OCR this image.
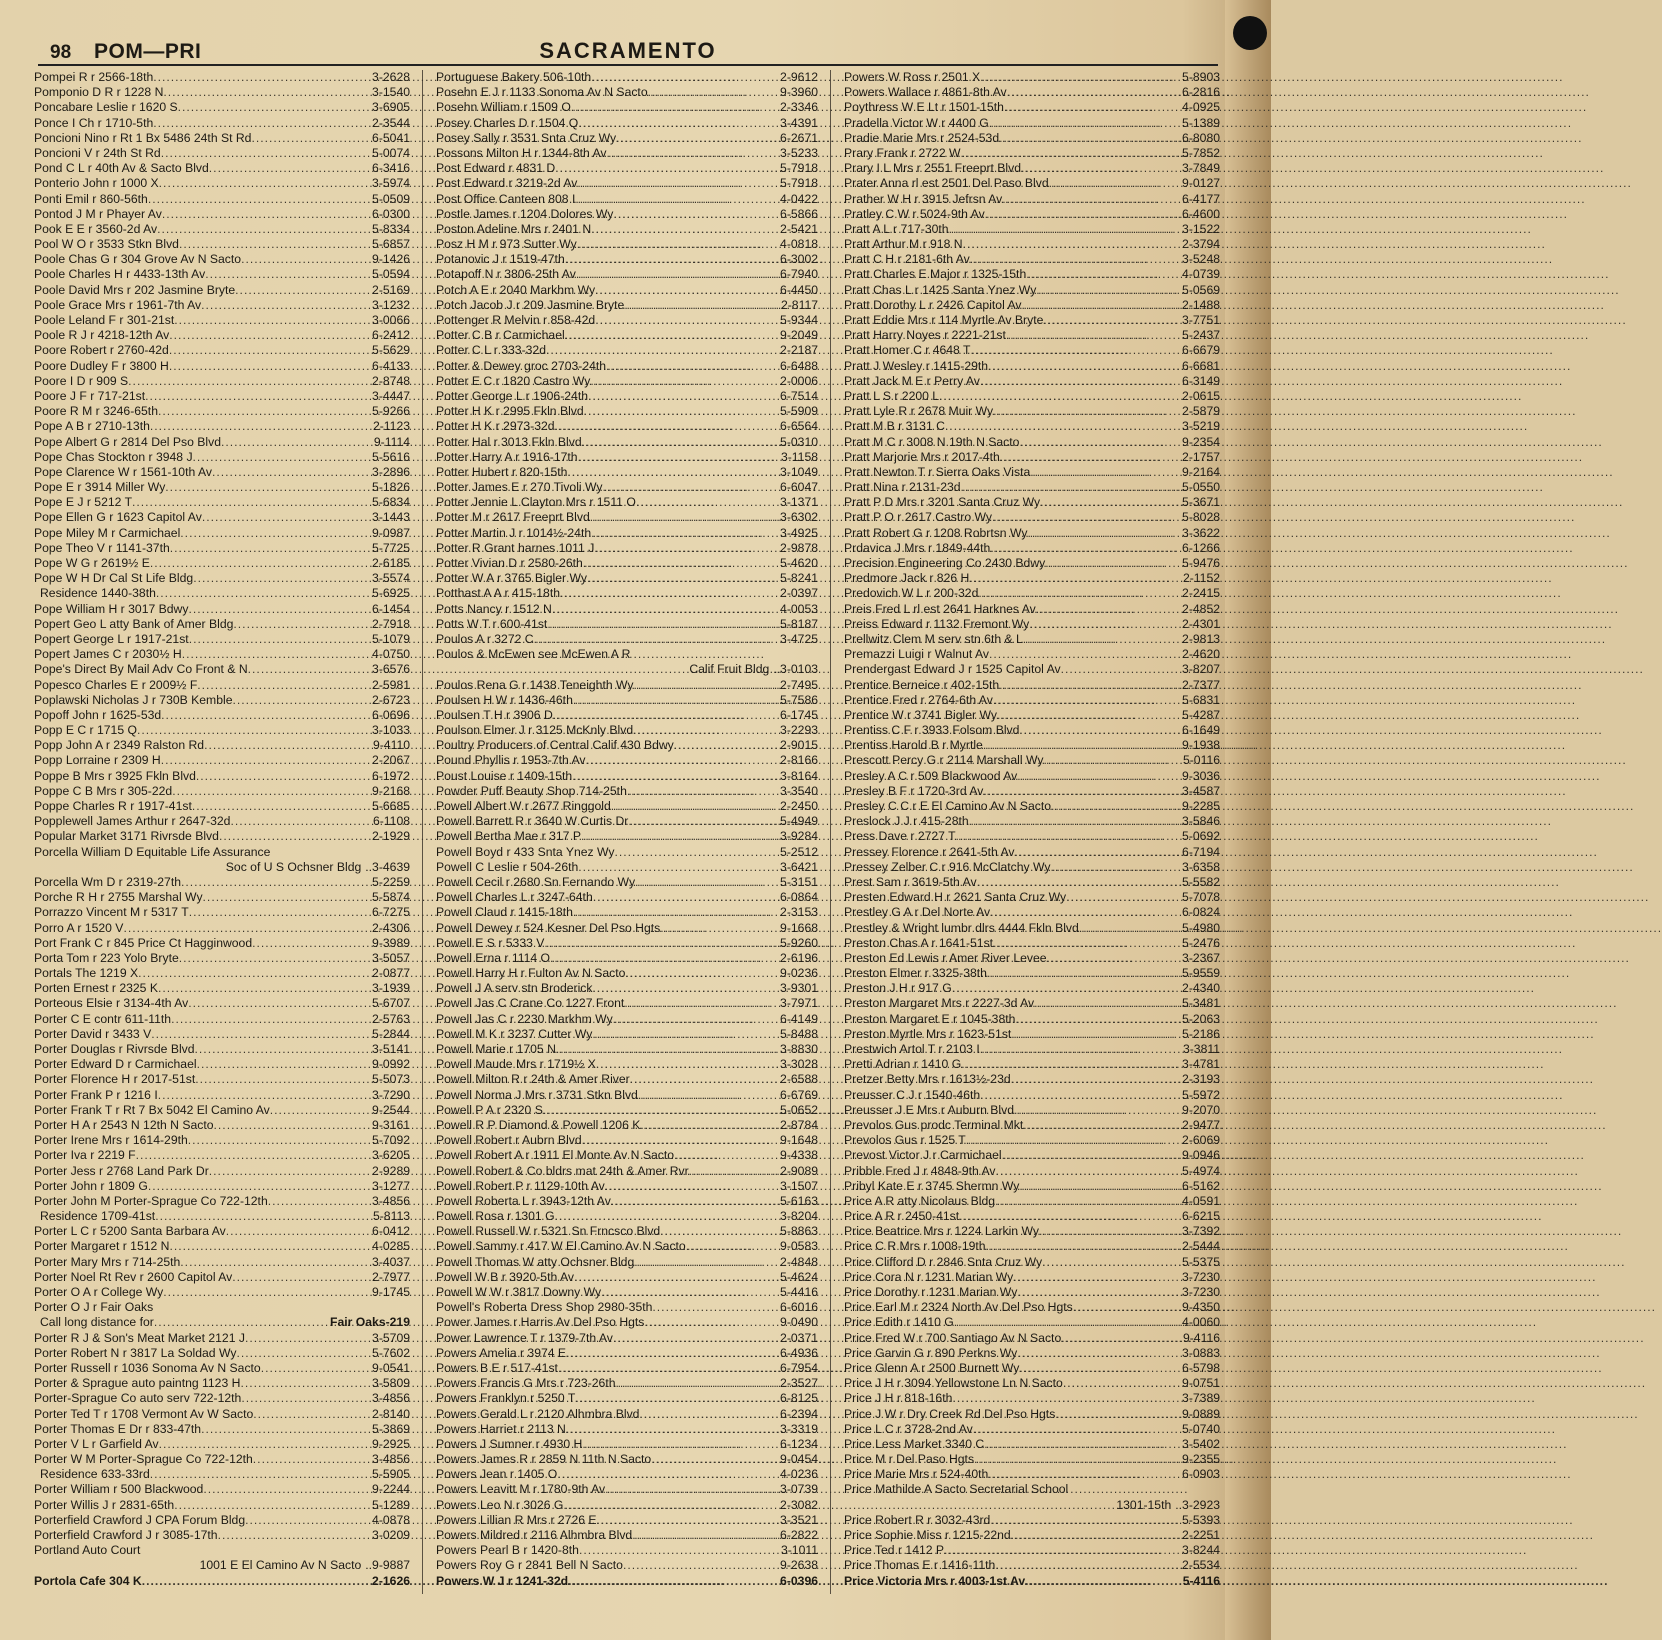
SACRAMENTO
98 POM—PRI
Pompei R r 2566-18th .....	3-2628
Pomponio D R r 1228 N .....	3-1540
Poncabare Leslie r 1620 S .....	3-6905
Ponce I Ch r 1710-5th .....	2-3544
Poncioni Nino r Rt 1 Bx 5486 24th St Rd .....	6-5041
Poncioni V r 24th St Rd .....	5-0074
Pond C L r 40th Av & Sacto Blvd .....	6-3416
Ponterio John r 1000 X .....	3-5974
Ponti Emil r 860-56th .....	5-0509
Pontod J M r Phayer Av .....	6-0300
Pook E E r 3560-2d Av .....	5-8334
Pool W O r 3533 Stkn Blvd .....	5-6857
Poole Chas G r 304 Grove Av N Sacto .....	9-1426
Poole Charles H r 4433-13th Av .....	5-0594
Poole David Mrs r 202 Jasmine Bryte .....	2-5169
Poole Grace Mrs r 1961-7th Av .....	3-1232
Poole Leland F r 301-21st .....	3-0066
Poole R J r 4218-12th Av .....	6-2412
Poore Robert r 2760-42d .....	5-5629
Poore Dudley F r 3800 H .....	6-4133
Poore I D r 909 S .....	2-8748
Poore J F r 717-21st .....	3-4447
Poore R M r 3246-65th .....	5-9266
Pope A B r 2710-13th .....	2-1123
Pope Albert G r 2814 Del Pso Blvd .....	9-1114
Pope Chas Stockton r 3948 J .....	5-5616
Pope Clarence W r 1561-10th Av .....	3-2896
Pope E r 3914 Miller Wy .....	5-1826
Pope E J r 5212 T .....	5-6834
Pope Ellen G r 1623 Capitol Av .....	3-1443
Pope Miley M r Carmichael .....	9-0987
Pope Theo V r 1141-37th .....	5-7725
Pope W G r 2619½ E .....	2-6185
Pope W H Dr Cal St Life Bldg .....	3-5574
Residence 1440-38th .....	5-6925
Pope William H r 3017 Bdwy .....	6-1454
Popert Geo L atty Bank of Amer Bldg .....	2-7918
Popert George L r 1917-21st .....	5-1079
Popert James C r 2030½ H .....	4-0750
Pope's Direct By Mail Adv Co Front & N .....	3-6576
Popesco Charles E r 2009½ F .....	2-5981
Poplawski Nicholas J r 730B Kemble .....	2-6723
Popoff John r 1625-53d .....	6-0696
Popp E C r 1715 Q .....	3-1033
Popp John A r 2349 Ralston Rd .....	9-4110
Popp Lorraine r 2309 H .....	2-2067
Poppe B Mrs r 3925 Fkln Blvd .....	6-1972
Poppe C B Mrs r 305-22d .....	9-2168
Poppe Charles R r 1917-41st .....	5-6685
Popplewell James Arthur r 2647-32d .....	6-1108
Popular Market 3171 Rivrsde Blvd .....	2-1929
Porcella William D Equitable Life Assurance
Soc of U S Ochsner Bldg .. 3-4639
Porcella Wm D r 2319-27th .....	5-2259
Porche R H r 2755 Marshal Wy .....	5-5874
Porrazzo Vincent M r 5317 T .....	6-7275
Porro A r 1520 V .....	2-4306
Port Frank C r 845 Price Ct Hagginwood .....	9-3989
Porta Tom r 223 Yolo Bryte .....	3-5057
Portals The 1219 X .....	2-0877
Porten Ernest r 2325 K .....	3-1939
Porteous Elsie r 3134-4th Av .....	5-6707
Porter C E contr 611-11th .....	2-5763
Porter David r 3433 V .....	5-2844
Porter Douglas r Rivrsde Blvd .....	3-5141
Porter Edward D r Carmichael .....	9-0992
Porter Florence H r 2017-51st .....	5-5073
Porter Frank P r 1216 I .....	3-7290
Porter Frank T r Rt 7 Bx 5042 El Camino Av .....	9-2544
Porter H A r 2543 N 12th N Sacto .....	9-3161
Porter Irene Mrs r 1614-29th .....	5-7092
Porter Iva r 2219 F .....	3-6205
Porter Jess r 2768 Land Park Dr .....	2-9289
Porter John r 1809 G .....	3-1277
Porter John M Porter-Sprague Co 722-12th .....	3-4856
Residence 1709-41st .....	5-8113
Porter L C r 5200 Santa Barbara Av .....	6-0412
Porter Margaret r 1512 N .....	4-0285
Porter Mary Mrs r 714-25th .....	3-4037
Porter Noel Rt Rev r 2600 Capitol Av .....	2-7977
Porter O A r College Wy .....	9-1745
Porter O J r Fair Oaks
Call long distance for .....	Fair Oaks-219
Porter R J & Son's Meat Market 2121 J .....	3-5709
Porter Robert N r 3817 La Soldad Wy .....	5-7602
Porter Russell r 1036 Sonoma Av N Sacto .....	9-0541
Porter & Sprague auto paintng 1123 H .....	3-5809
Porter-Sprague Co auto serv 722-12th .....	3-4856
Porter Ted T r 1708 Vermont Av W Sacto .....	2-8140
Porter Thomas E Dr r 833-47th .....	5-3869
Porter V L r Garfield Av .....	9-2925
Porter W M Porter-Sprague Co 722-12th .....	3-4856
Residence 633-33rd .....	5-5905
Porter William r 500 Blackwood .....	9-2244
Porter Willis J r 2831-65th .....	5-1289
Porterfield Crawford J CPA Forum Bldg .....	4-0878
Porterfield Crawford J r 3085-17th .....	3-0209
Portland Auto Court
1001 E El Camino Av N Sacto .. 9-9887
Portola Cafe 304 K .....	2-1626
Portuguese Bakery 506-10th .....	2-9612
Posehn E J r 1133 Sonoma Av N Sacto .....	9-3960
Posehn William r 1509 O .....	2-3346
Posey Charles D r 1504 Q .....	3-4391
Posey Sally r 3531 Snta Cruz Wy .....	6-2671
Possons Milton H r 1344-8th Av .....	3-5233
Post Edward r 4831 D .....	5-7918
Post Edward r 3219-2d Av .....	5-7918
Post Office Canteen 808 I .....	4-0422
Postle James r 1204 Dolores Wy .....	6-5866
Poston Adeline Mrs r 2401 N .....	2-5421
Posz H M r 973 Sutter Wy .....	4-0818
Potanovic J r 1519-47th .....	6-3002
Potapoff N r 3806-25th Av .....	6-7940
Potch A E r 2040 Markhm Wy .....	6-4450
Potch Jacob J r 209 Jasmine Bryte .....	2-8117
Pottenger R Melvin r 858-42d .....	5-9344
Potter C B r Carmichael .....	9-2049
Potter C L r 333-32d .....	2-2187
Potter & Dewey groc 2703-24th .....	6-6488
Potter E C r 1820 Castro Wy .....	2-0006
Potter George L r 1906-24th .....	6-7514
Potter H K r 2995 Fkln Blvd .....	5-5909
Potter H K r 2973-32d .....	6-6564
Potter Hal r 3013 Fkln Blvd .....	5-0310
Potter Harry A r 1916-17th .....	3-1158
Potter Hubert r 820-15th .....	3-1049
Potter James E r 270 Tivoli Wy .....	6-6047
Potter Jennie L Clayton Mrs r 1511 O .....	3-1371
Potter M r 2617 Freeprt Blvd .....	3-6302
Potter Martin J r 1014½-24th .....	3-4925
Potter R Grant harnes 1011 J .....	2-9878
Potter Vivian D r 2580-26th .....	5-4620
Potter W A r 3765 Bigler Wy .....	5-8241
Potthast A A r 415-18th .....	2-0397
Potts Nancy r 1512 N .....	4-0053
Potts W T r 600-41st .....	5-8187
Poulos A r 3272 C .....	3-4725
Poulos & McEwen see McEwen A R
Calif Fruit Bldg .. 3-0103
Poulos Rena G r 1438 Teneighth Wy .....	2-7495
Poulsen H W r 1436-46th .....	5-7586
Poulsen T H r 3906 D .....	6-1745
Poulson Elmer J r 3125 McKnly Blvd .....	3-2293
Poultry Producers of Central Calif 430 Bdwy .....	2-9015
Pound Phyllis r 1953-7th Av .....	2-8166
Poust Louise r 1409-15th .....	3-8164
Powder Puff Beauty Shop 714-25th .....	3-3540
Powell Albert W r 2677 Ringgold .....	2-2450
Powell Barrett R r 3640 W Curtis Dr .....	5-4949
Powell Bertha Mae r 317 P .....	3-9284
Powell Boyd r 433 Snta Ynez Wy .....	5-2512
Powell C Leslie r 504-26th .....	3-6421
Powell Cecil r 2680 Sn Fernando Wy .....	5-3151
Powell Charles L r 3247-64th .....	6-0864
Powell Claud r 1415-18th .....	2-3153
Powell Dewey r 524 Kesner Del Pso Hgts .....	9-1668
Powell E S r 5333 V .....	5-9260
Powell Erna r 1114 O .....	2-6196
Powell Harry H r Fulton Av N Sacto .....	9-0236
Powell J A serv stn Broderick .....	3-9301
Powell Jas C Crane Co 1227 Front .....	3-7971
Powell Jas C r 2230 Markhm Wy .....	6-4149
Powell M K r 3237 Cutter Wy .....	5-8488
Powell Marie r 1705 N .....	3-8830
Powell Maude Mrs r 1719½ X .....	3-3028
Powell Milton R r 24th & Amer River .....	2-6588
Powell Norma J Mrs r 3731 Stkn Blvd .....	6-6769
Powell P A r 2320 S .....	5-0652
Powell R P Diamond & Powell 1206 K .....	2-8784
Powell Robert r Aubrn Blvd .....	9-1648
Powell Robert A r 1911 El Monte Av N Sacto .....	9-4338
Powell Robert & Co bldrs mat 24th & Amer Rvr .....	2-9089
Powell Robert P r 1129-10th Av .....	3-1507
Powell Roberta L r 3943-12th Av .....	5-6163
Powell Rosa r 1301 G .....	3-8204
Powell Russell W r 5321 Sn Frncsco Blvd .....	5-8863
Powell Sammy r 417 W El Camino Av N Sacto .....	9-0583
Powell Thomas W atty Ochsner Bldg .....	2-4848
Powell W B r 3920-5th Av .....	5-4624
Powell W W r 3817 Downy Wy .....	5-4416
Powell's Roberta Dress Shop 2980-35th .....	6-6016
Power James r Harris Av Del Pso Hgts .....	9-0490
Power Lawrence T r 1379-7th Av .....	2-0371
Powers Amelia r 3974 E .....	6-4936
Powers B E r 517-41st .....	6-7954
Powers Francis G Mrs r 723-26th .....	2-3527
Powers Franklyn r 5250 T .....	6-8125
Powers Gerald L r 2120 Alhmbra Blvd .....	6-2394
Powers Harriet r 2113 N .....	3-3319
Powers J Sumner r 4930 H .....	6-1234
Powers James R r 2859 N 11th N Sacto .....	9-0454
Powers Jean r 1405 O .....	4-0236
Powers Leavitt M r 1780-9th Av .....	3-0739
Powers Leo N r 3026 G .....	2-3082
Powers Lillian R Mrs r 2726 E .....	3-3521
Powers Mildred r 2116 Alhmbra Blvd .....	6-2822
Powers Pearl B r 1420-8th .....	3-1011
Powers Roy G r 2841 Bell N Sacto .....	9-2638
Powers W J r 1241-32d .....	6-0396
Powers W Ross r 2501 X .....	5-8903
Powers Wallace r 4861-8th Av .....	6-2816
Poythress W E Lt r 1501-15th .....	4-0925
Pradella Victor W r 4400 G .....	5-1389
Pradie Marie Mrs r 2524-53d .....	6-8080
Prary Frank r 2722 W .....	5-7852
Prary I L Mrs r 2551 Freeprt Blvd .....	3-7849
Prater Anna rl est 2501 Del Paso Blvd .....	9-0127
Prather W H r 3915 Jefrsn Av .....	6-4177
Pratley C W r 5024-9th Av .....	6-4600
Pratt A L r 717-30th .....	3-1522
Pratt Arthur M r 918 N .....	2-3794
Pratt C H r 2181-6th Av .....	3-5248
Pratt Charles E Major r 1325-15th .....	4-0739
Pratt Chas L r 1425 Santa Ynez Wy .....	5-0569
Pratt Dorothy L r 2426 Capitol Av .....	2-1488
Pratt Eddie Mrs r 114 Myrtle Av Bryte .....	3-7751
Pratt Harry Noyes r 2221-21st .....	5-2437
Pratt Homer C r 4648 T .....	6-6679
Pratt J Wesley r 1415-29th .....	6-6681
Pratt Jack M E r Perry Av .....	6-3149
Pratt L S r 2200 L .....	2-0615
Pratt Lyle R r 2678 Muir Wy .....	2-5879
Pratt M B r 3131 C .....	3-5219
Pratt M C r 3008 N 19th N Sacto .....	9-2354
Pratt Marjorie Mrs r 2017-4th .....	2-1757
Pratt Newton T r Sierra Oaks Vista .....	9-2164
Pratt Nina r 2131-23d .....	5-0550
Pratt P D Mrs r 3201 Santa Cruz Wy .....	5-3671
Pratt P O r 2617 Castro Wy .....	5-8028
Pratt Robert G r 1208 Robrtsn Wy .....	3-3622
Prdavica J Mrs r 1849-44th .....	6-1266
Precision Engineering Co 2430 Bdwy .....	5-9476
Predmore Jack r 826 H .....	2-1152
Predovich W L r 200-32d .....	2-2415
Preis Fred L rl est 2641 Harknes Av .....	2-4852
Preiss Edward r 1132 Fremont Wy .....	2-4301
Prellwitz Clem M serv stn 6th & L .....	2-9813
Premazzi Luigi r Walnut Av .....	2-4620
Prendergast Edward J r 1525 Capitol Av .....	3-8207
Prentice Berneice r 402-15th .....	2-7377
Prentice Fred r 2764-6th Av .....	5-6831
Prentice W r 3741 Bigler Wy .....	5-4287
Prentiss C F r 3933 Folsom Blvd .....	6-1649
Prentiss Harold B r Myrtle .....	9-1938
Prescott Percy G r 2114 Marshall Wy .....	5-0116
Presley A C r 509 Blackwood Av .....	9-3036
Presley B F r 1720-3rd Av .....	3-4587
Presley C C r E El Camino Av N Sacto .....	9-2285
Preslock J J r 415-28th .....	3-5846
Press Dave r 2727 T .....	5-0692
Pressey Florence r 2641-5th Av .....	6-7194
Pressey Zelber C r 916 McClatchy Wy .....	3-6358
Prest Sam r 3619-5th Av .....	5-5582
Presten Edward H r 2621 Santa Cruz Wy .....	5-7078
Prestley G A r Del Norte Av .....	6-0824
Prestley & Wright lumbr dlrs 4444 Fkln Blvd .....	5-4980
Preston Chas A r 1641-51st .....	5-2476
Preston Ed Lewis r Amer River Levee .....	3-2367
Preston Elmer r 3325-38th .....	5-9559
Preston J H r 917 G .....	2-4340
Preston Margaret Mrs r 2227-3d Av .....	5-3481
Preston Margaret E r 1045-38th .....	5-2063
Preston Myrtle Mrs r 1623-51st .....	5-2186
Prestwich Artol T r 2103 I .....	3-3811
Pretti Adrian r 1410 G .....	3-4781
Pretzer Betty Mrs r 1613½-23d .....	2-3193
Preusser C J r 1540-46th .....	5-5972
Preusser J E Mrs r Auburn Blvd .....	9-2070
Prevolos Gus prodc Terminal Mkt .....	2-9477
Prevolos Gus r 1525 T .....	2-6069
Prevost Victor J r Carmichael .....	9-0946
Pribble Fred J r 4848-9th Av .....	5-4974
Pribyl Kate E r 3745 Shermn Wy .....	6-5162
Price A R atty Nicolaus Bldg .....	4-0591
Price A R r 2450-41st .....	6-6215
Price Beatrice Mrs r 1224 Larkin Wy .....	3-7392
Price C R Mrs r 1008-19th .....	2-5444
Price Clifford D r 2846 Snta Cruz Wy .....	5-5375
Price Cora N r 1231 Marian Wy .....	3-7230
Price Dorothy r 1231 Marian Wy .....	3-7230
Price Earl M r 2324 North Av Del Pso Hgts .....	9-4350
Price Edith r 1410 G .....	4-0060
Price Fred W r 700 Santiago Av N Sacto .....	9-4116
Price Garvin G r 890 Perkns Wy .....	3-0883
Price Glenn A r 2500 Burnett Wy .....	6-5798
Price J H r 3094 Yellowstone Ln N Sacto .....	9-0751
Price J H r 818-16th .....	3-7389
Price J W r Dry Creek Rd Del Pso Hgts .....	9-0889
Price L C r 3728-2nd Av .....	5-0740
Price Less Market 3340 C .....	3-5402
Price M r Del Paso Hgts .....	9-2355
Price Marie Mrs r 524-40th .....	6-0903
Price Mathilde A Sacto Secretarial School
1301-15th .. 3-2923
Price Robert R r 3032-43rd .....	5-5393
Price Sophie Miss r 1215-22nd .....	2-2251
Price Ted r 1412 P .....	3-8244
Price Thomas E r 1416-11th .....	2-5534
Price Victoria Mrs r 4003-1st Av .....	5-4116
